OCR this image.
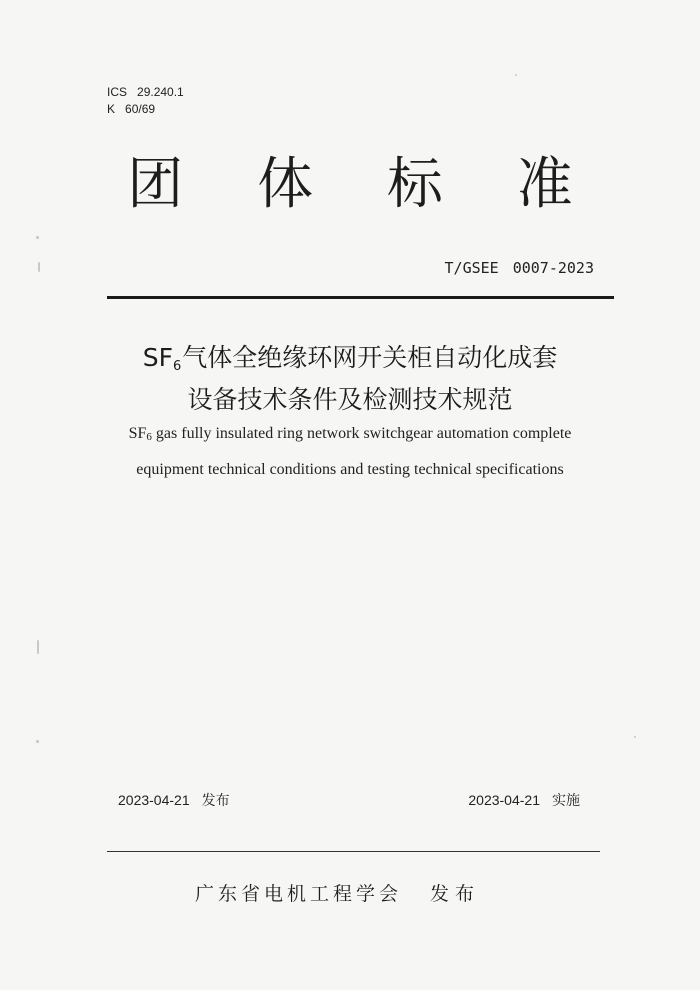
ICS 29.240.1
K 60/69
团 体 标 准
T/GSEE 0007-2023
$SF_6$气体全绝缘环网开关柜自动化成套
设备技术条件及检测技术规范
$SF_6$ gas fully insulated ring network switchgear automation complete
equipment technical conditions and testing technical specifications
2023-04-21 发布	2023-04-21 实施
广东省电机工程学会 发布
